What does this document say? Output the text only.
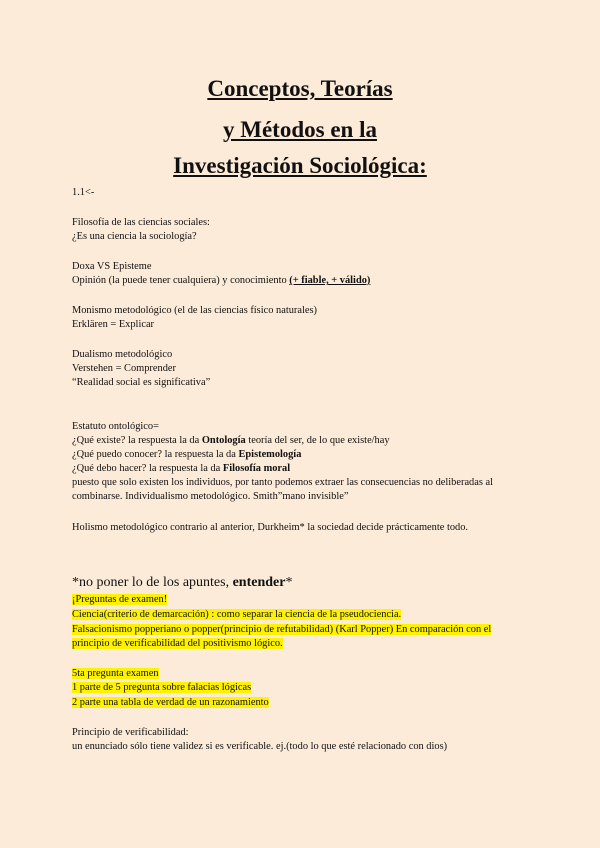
Conceptos, Teorías
y Métodos en la
Investigación Sociológica:
1.1<-
Filosofía de las ciencias sociales:
¿Es una ciencia la sociología?
Doxa VS Episteme
Opinión (la puede tener cualquiera) y conocimiento (+ fiable, + válido)
Monismo metodológico (el de las ciencias físico naturales)
Erklären = Explicar
Dualismo metodológico
Verstehen = Comprender
“Realidad social es significativa”
Estatuto ontológico=
¿Qué existe? la respuesta la da Ontología teoría del ser, de lo que existe/hay
¿Qué puedo conocer? la respuesta la da Epistemología
¿Qué debo hacer? la respuesta la da Filosofía moral
puesto que solo existen los individuos, por tanto podemos extraer las consecuencias no deliberadas al
combinarse. Individualismo metodológico. Smith”mano invisible”
Holismo metodológico contrario al anterior, Durkheim* la sociedad decide prácticamente todo.
*no poner lo de los apuntes, entender*
¡Preguntas de examen!
Ciencia(criterio de demarcación) : como separar la ciencia de la pseudociencia.
Falsacionismo popperiano o popper(principio de refutabilidad) (Karl Popper) En comparación con el
principio de verificabilidad del positivismo lógico.
5ta pregunta examen
1 parte de 5 pregunta sobre falacias lógicas
2 parte una tabla de verdad de un razonamiento
Principio de verificabilidad:
un enunciado sólo tiene validez si es verificable. ej.(todo lo que esté relacionado con dios)
